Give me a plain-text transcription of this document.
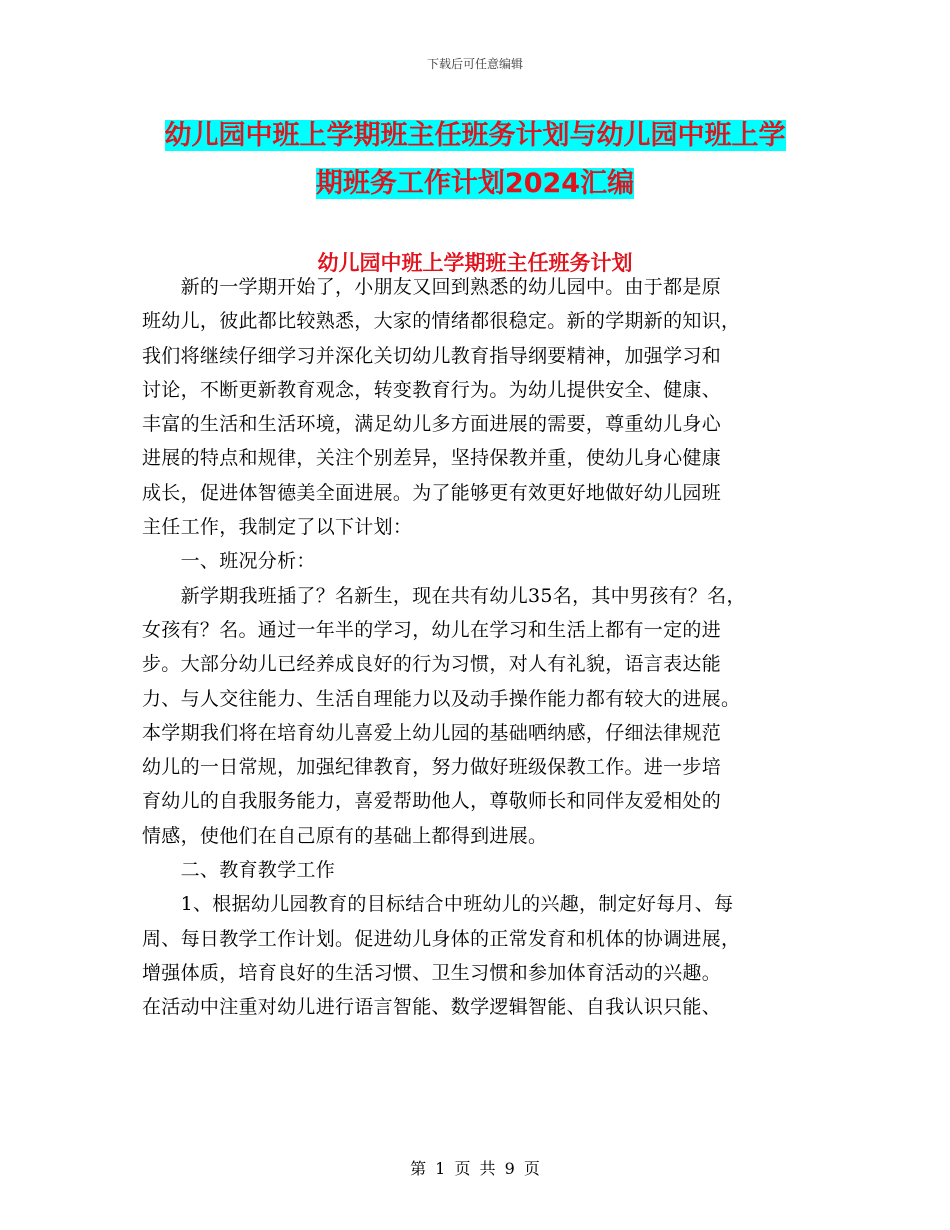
下载后可任意编辑
幼儿园中班上学期班主任班务计划与幼儿园中班上学
期班务工作计划2024汇编
幼儿园中班上学期班主任班务计划
　　新的一学期开始了，小朋友又回到熟悉的幼儿园中。由于都是原
班幼儿，彼此都比较熟悉，大家的情绪都很稳定。新的学期新的知识，
我们将继续仔细学习并深化关切幼儿教育指导纲要精神，加强学习和
讨论，不断更新教育观念，转变教育行为。为幼儿提供安全、健康、
丰富的生活和生活环境，满足幼儿多方面进展的需要，尊重幼儿身心
进展的特点和规律，关注个别差异，坚持保教并重，使幼儿身心健康
成长，促进体智德美全面进展。为了能够更有效更好地做好幼儿园班
主任工作，我制定了以下计划：
　　一、班况分析：
　　新学期我班插了？名新生，现在共有幼儿35名，其中男孩有？名，
女孩有？名。通过一年半的学习，幼儿在学习和生活上都有一定的进
步。大部分幼儿已经养成良好的行为习惯，对人有礼貌，语言表达能
力、与人交往能力、生活自理能力以及动手操作能力都有较大的进展。
本学期我们将在培育幼儿喜爱上幼儿园的基础哂纳感，仔细法律规范
幼儿的一日常规，加强纪律教育，努力做好班级保教工作。进一步培
育幼儿的自我服务能力，喜爱帮助他人，尊敬师长和同伴友爱相处的
情感，使他们在自己原有的基础上都得到进展。
　　二、教育教学工作
　　1、根据幼儿园教育的目标结合中班幼儿的兴趣，制定好每月、每
周、每日教学工作计划。促进幼儿身体的正常发育和机体的协调进展，
增强体质，培育良好的生活习惯、卫生习惯和参加体育活动的兴趣。
在活动中注重对幼儿进行语言智能、数学逻辑智能、自我认识只能、
第 1 页 共 9 页
